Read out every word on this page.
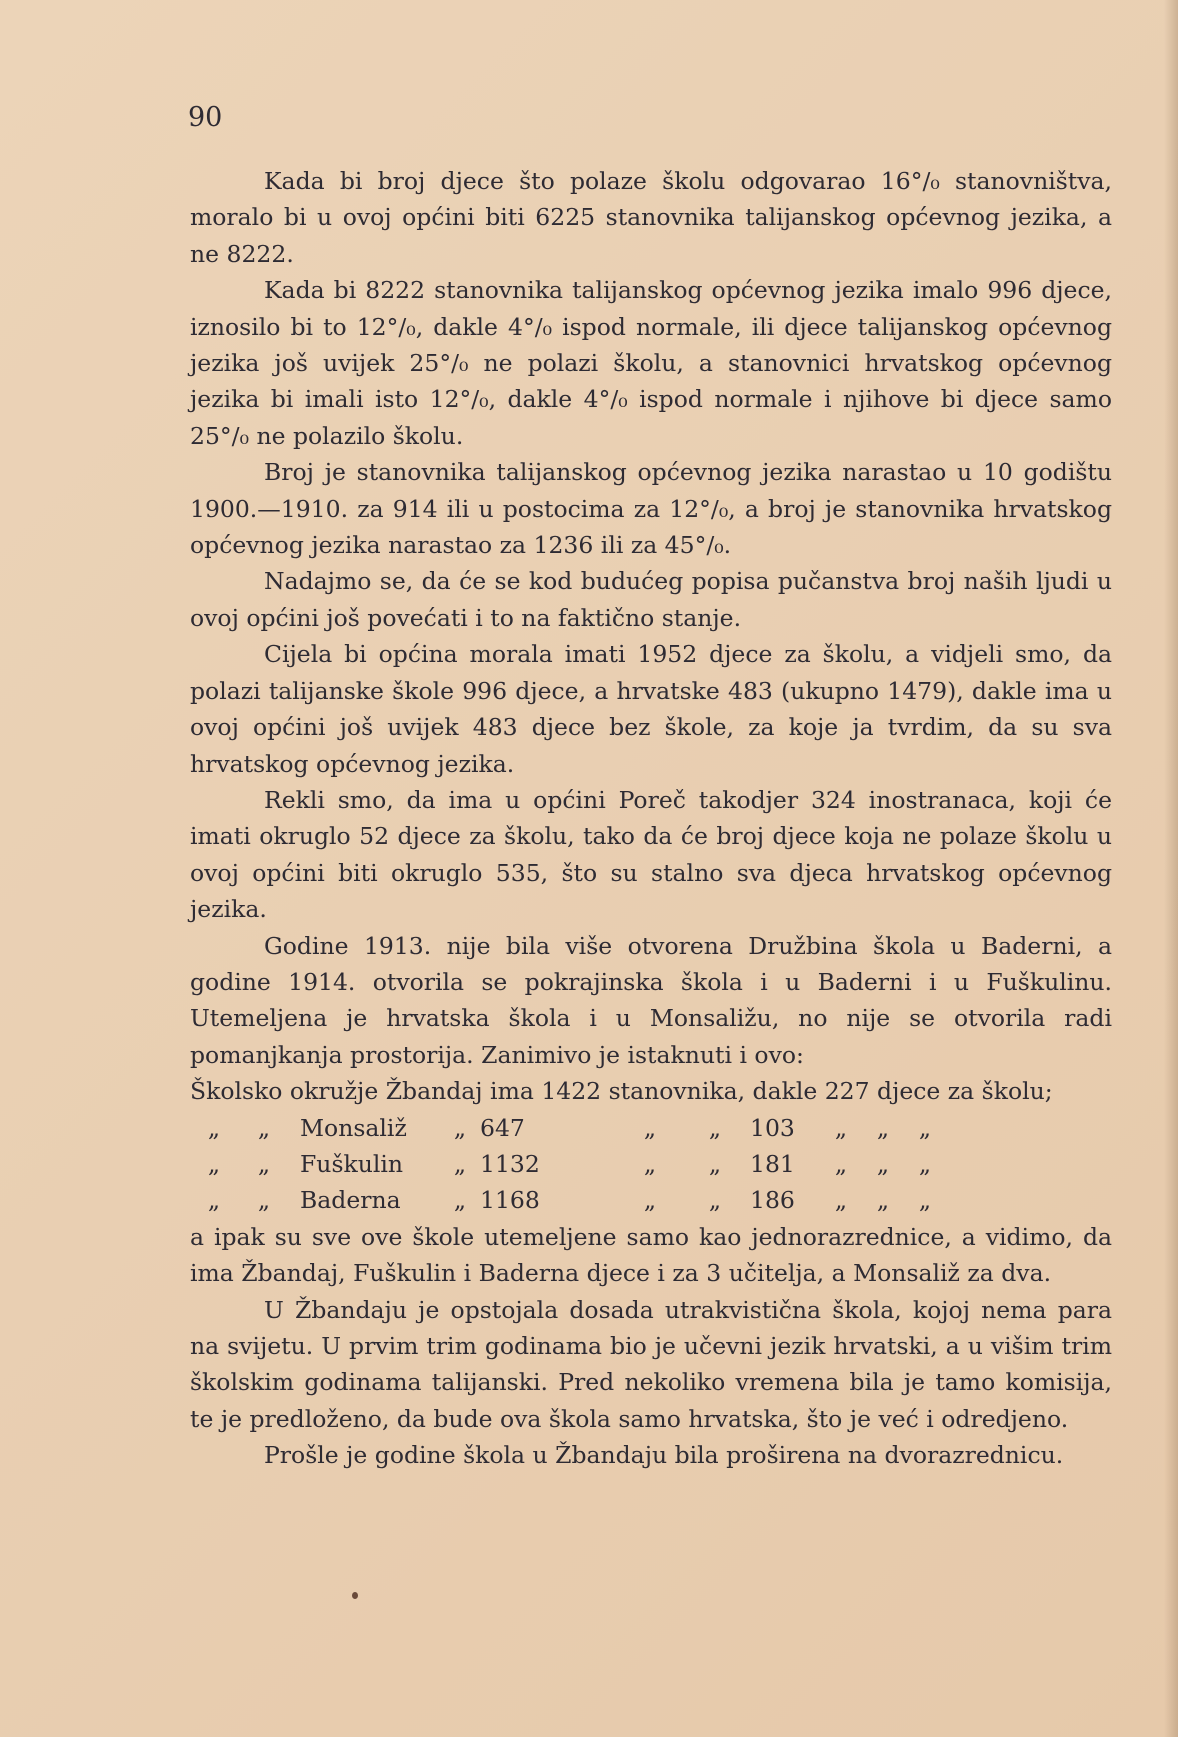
90

Kada bi broj djece što polaze školu odgovarao 16°/₀ stanovništva, moralo bi u ovoj općini biti 6225 stanovnika talijanskog općevnog jezika, a ne 8222.

Kada bi 8222 stanovnika talijanskog općevnog jezika imalo 996 djece, iznosilo bi to 12°/₀, dakle 4°/₀ ispod normale, ili djece talijanskog općevnog jezika još uvijek 25°/₀ ne polazi školu, a stanovnici hrvatskog općevnog jezika bi imali isto 12°/₀, dakle 4°/₀ ispod normale i njihove bi djece samo 25°/₀ ne polazilo školu.

Broj je stanovnika talijanskog općevnog jezika narastao u 10 godištu 1900.—1910. za 914 ili u postocima za 12°/₀, a broj je stanovnika hrvatskog općevnog jezika narastao za 1236 ili za 45°/₀.

Nadajmo se, da će se kod budućeg popisa pučanstva broj naših ljudi u ovoj općini još povećati i to na faktično stanje.

Cijela bi općina morala imati 1952 djece za školu, a vidjeli smo, da polazi talijanske škole 996 djece, a hrvatske 483 (ukupno 1479), dakle ima u ovoj općini još uvijek 483 djece bez škole, za koje ja tvrdim, da su sva hrvatskog općevnog jezika.

Rekli smo, da ima u općini Poreč takodjer 324 inostranaca, koji će imati okruglo 52 djece za školu, tako da će broj djece koja ne polaze školu u ovoj općini biti okruglo 535, što su stalno sva djeca hrvatskog općevnog jezika.

Godine 1913. nije bila više otvorena Družbina škola u Baderni, a godine 1914. otvorila se pokrajinska škola i u Baderni i u Fuškulinu. Utemeljena je hrvatska škola i u Monsaližu, no nije se otvorila radi pomanjkanja prostorija. Zanimivo je istaknuti i ovo:

Školsko okružje Žbandaj ima 1422 stanovnika, dakle 227 djece za školu;
„	„	Monsaliž	„ 647	„	„	103	„	„	„
„	„	Fuškulin	„ 1132	„	„	181	„	„	„
„	„	Baderna	„ 1168	„	„	186	„	„	„

a ipak su sve ove škole utemeljene samo kao jednorazrednice, a vidimo, da ima Žbandaj, Fuškulin i Baderna djece i za 3 učitelja, a Monsaliž za dva.

U Žbandaju je opstojala dosada utrakvistična škola, kojoj nema para na svijetu. U prvim trim godinama bio je učevni jezik hrvatski, a u višim trim školskim godinama talijanski. Pred nekoliko vremena bila je tamo komisija, te je predloženo, da bude ova škola samo hrvatska, što je već i odredjeno.

Prošle je godine škola u Žbandaju bila proširena na dvorazrednicu.
